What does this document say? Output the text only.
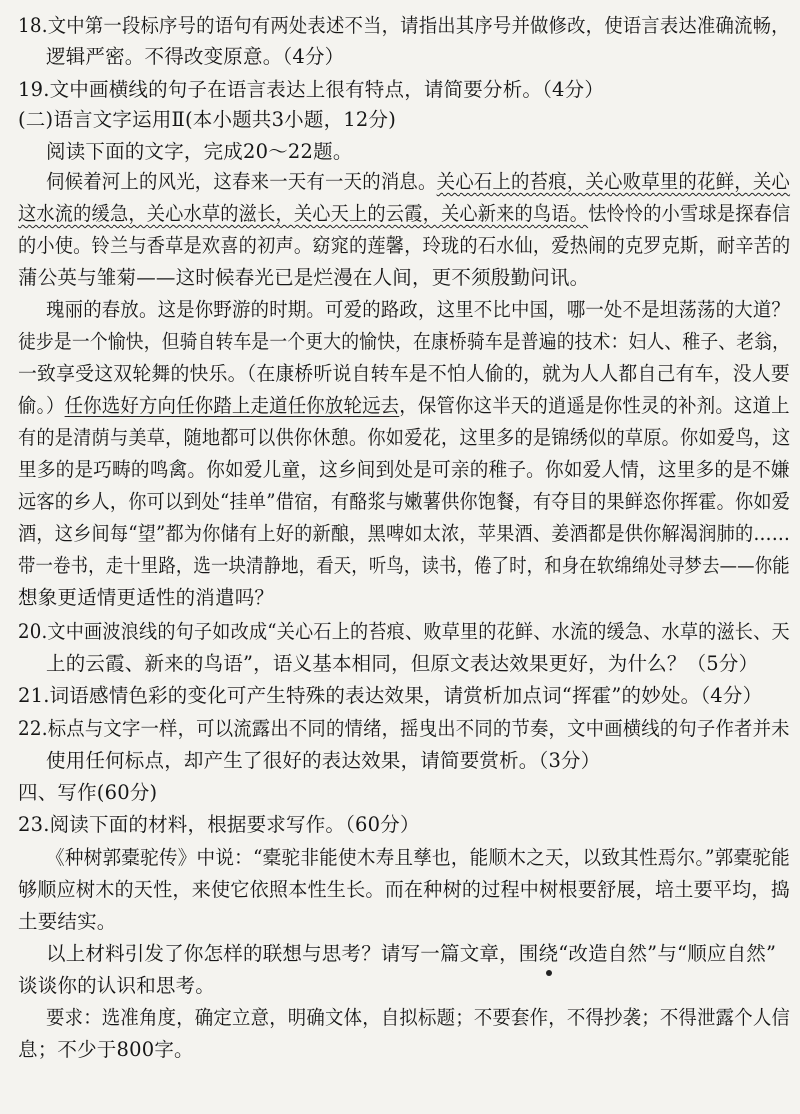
18.文中第一段标序号的语句有两处表述不当，请指出其序号并做修改，使语言表达准确流畅，
逻辑严密。不得改变原意。（4分）
19.文中画横线的句子在语言表达上很有特点，请简要分析。（4分）
(二)语言文字运用Ⅱ(本小题共3小题，12分)
阅读下面的文字，完成20～22题。
伺候着河上的风光，这春来一天有一天的消息。关心石上的苔痕，关心败草里的花鲜，关心
这水流的缓急，关心水草的滋长，关心天上的云霞，关心新来的鸟语。怯怜怜的小雪球是探春信
的小使。铃兰与香草是欢喜的初声。窈窕的莲馨，玲珑的石水仙，爱热闹的克罗克斯，耐辛苦的
蒲公英与雏菊——这时候春光已是烂漫在人间，更不须殷勤问讯。
瑰丽的春放。这是你野游的时期。可爱的路政，这里不比中国，哪一处不是坦荡荡的大道？
徒步是一个愉快，但骑自转车是一个更大的愉快，在康桥骑车是普遍的技术：妇人、稚子、老翁，
一致享受这双轮舞的快乐。（在康桥听说自转车是不怕人偷的，就为人人都自己有车，没人要
偷。）任你选好方向任你踏上走道任你放轮远去，保管你这半天的逍遥是你性灵的补剂。这道上
有的是清荫与美草，随地都可以供你休憩。你如爱花，这里多的是锦绣似的草原。你如爱鸟，这
里多的是巧畴的鸣禽。你如爱儿童，这乡间到处是可亲的稚子。你如爱人情，这里多的是不嫌
远客的乡人，你可以到处“挂单”借宿，有酪浆与嫩薯供你饱餐，有夺目的果鲜恣你挥霍。你如爱
酒，这乡间每“望”都为你储有上好的新酿，黑啤如太浓，苹果酒、姜酒都是供你解渴润肺的……
带一卷书，走十里路，选一块清静地，看天，听鸟，读书，倦了时，和身在软绵绵处寻梦去——你能
想象更适情更适性的消遣吗？
20.文中画波浪线的句子如改成“关心石上的苔痕、败草里的花鲜、水流的缓急、水草的滋长、天
上的云霞、新来的鸟语”，语义基本相同，但原文表达效果更好，为什么？（5分）
21.词语感情色彩的变化可产生特殊的表达效果，请赏析加点词“挥霍”的妙处。（4分）
22.标点与文字一样，可以流露出不同的情绪，摇曳出不同的节奏，文中画横线的句子作者并未
使用任何标点，却产生了很好的表达效果，请简要赏析。（3分）
四、写作(60分)
23.阅读下面的材料，根据要求写作。（60分）
《种树郭橐驼传》中说：“橐驼非能使木寿且孳也，能顺木之天，以致其性焉尔。”郭橐驼能
够顺应树木的天性，来使它依照本性生长。而在种树的过程中树根要舒展，培土要平均，捣
土要结实。
以上材料引发了你怎样的联想与思考？请写一篇文章，围绕“改造自然”与“顺应自然”
谈谈你的认识和思考。
要求：选准角度，确定立意，明确文体，自拟标题；不要套作，不得抄袭；不得泄露个人信
息；不少于800字。
